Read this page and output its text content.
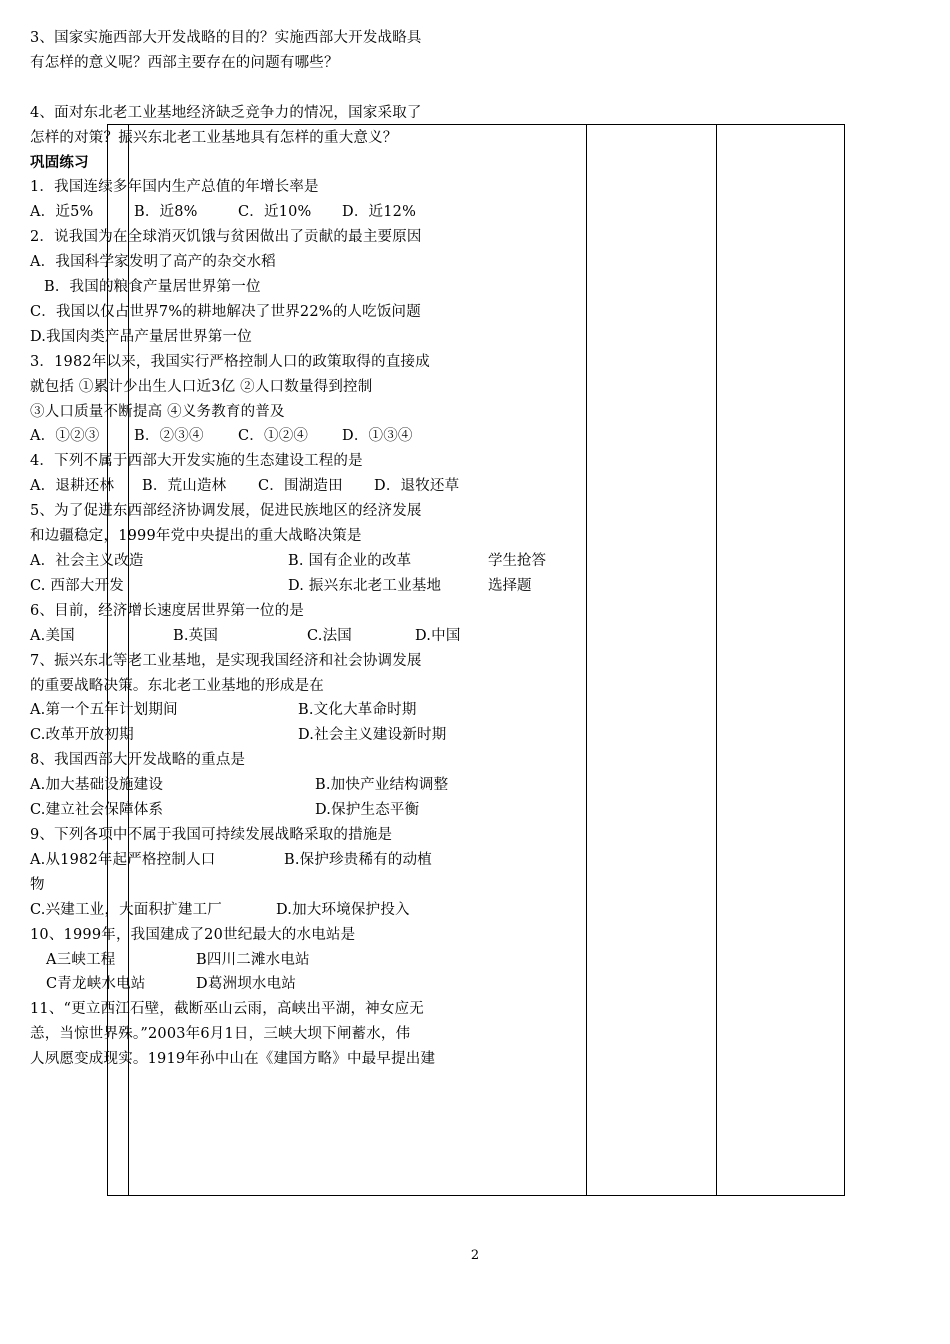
3、国家实施西部大开发战略的目的？实施西部大开发战略具

有怎样的意义呢？西部主要存在的问题有哪些？

4、面对东北老工业基地经济缺乏竞争力的情况，国家采取了

怎样的对策？振兴东北老工业基地具有怎样的重大意义？

巩固练习

1．我国连续多年国内生产总值的年增长率是

A．近5%	B．近8%	C．近10%	D．近12%

2．说我国为在全球消灭饥饿与贫困做出了贡献的最主要原因

A．我国科学家发明了高产的杂交水稻

B．我国的粮食产量居世界第一位

C．我国以仅占世界7%的耕地解决了世界22%的人吃饭问题

D.我国肉类产品产量居世界第一位

3．1982年以来，我国实行严格控制人口的政策取得的直接成

就包括 ①累计少出生人口近3亿 ②人口数量得到控制

③人口质量不断提高 ④义务教育的普及

A．①②③	B．②③④	C．①②④	D．①③④

4．下列不属于西部大开发实施的生态建设工程的是

A．退耕还林	B．荒山造林	C．围湖造田	D．退牧还草

5、为了促进东西部经济协调发展，促进民族地区的经济发展

和边疆稳定，1999年党中央提出的重大战略决策是

A．社会主义改造	B. 国有企业的改革
C. 西部大开发	D. 振兴东北老工业基地

6、目前，经济增长速度居世界第一位的是

A.美国	B.英国	C.法国	D.中国

7、振兴东北等老工业基地，是实现我国经济和社会协调发展

的重要战略决策。东北老工业基地的形成是在

A.第一个五年计划期间	B.文化大革命时期
C.改革开放初期	D.社会主义建设新时期

8、我国西部大开发战略的重点是

A.加大基础设施建设	B.加快产业结构调整
C.建立社会保障体系	D.保护生态平衡

9、下列各项中不属于我国可持续发展战略采取的措施是

A.从1982年起严格控制人口	B.保护珍贵稀有的动植

物

C.兴建工业，大面积扩建工厂	D.加大环境保护投入

10、1999年，我国建成了20世纪最大的水电站是

A三峡工程	B四川二滩水电站
C青龙峡水电站	D葛洲坝水电站

11、“更立西江石壁，截断巫山云雨，高峡出平湖，神女应无

恙，当惊世界殊。”2003年6月1日，三峡大坝下闸蓄水，伟

人夙愿变成现实。1919年孙中山在《建国方略》中最早提出建

学生抢答

选择题

2
